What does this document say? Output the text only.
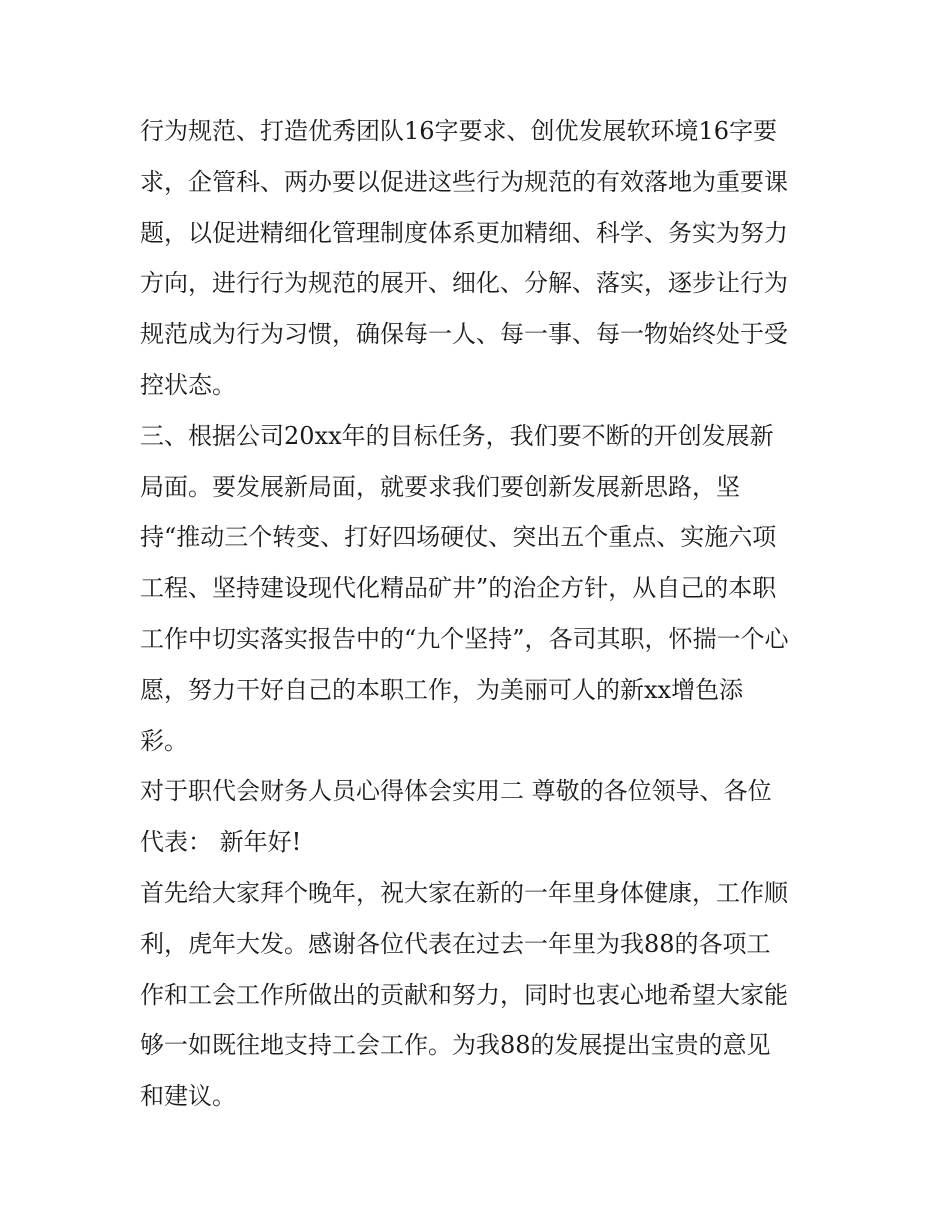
行为规范、打造优秀团队16字要求、创优发展软环境16字要
求，企管科、两办要以促进这些行为规范的有效落地为重要课
题，以促进精细化管理制度体系更加精细、科学、务实为努力
方向，进行行为规范的展开、细化、分解、落实，逐步让行为
规范成为行为习惯，确保每一人、每一事、每一物始终处于受
控状态。
三、根据公司20xx年的目标任务，我们要不断的开创发展新
局面。要发展新局面，就要求我们要创新发展新思路，坚
持“推动三个转变、打好四场硬仗、突出五个重点、实施六项
工程、坚持建设现代化精品矿井”的治企方针，从自己的本职
工作中切实落实报告中的“九个坚持”，各司其职，怀揣一个心
愿，努力干好自己的本职工作，为美丽可人的新xx增色添
彩。
对于职代会财务人员心得体会实用二 尊敬的各位领导、各位
代表： 新年好!
首先给大家拜个晚年，祝大家在新的一年里身体健康，工作顺
利，虎年大发。感谢各位代表在过去一年里为我88的各项工
作和工会工作所做出的贡献和努力，同时也衷心地希望大家能
够一如既往地支持工会工作。为我88的发展提出宝贵的意见
和建议。
